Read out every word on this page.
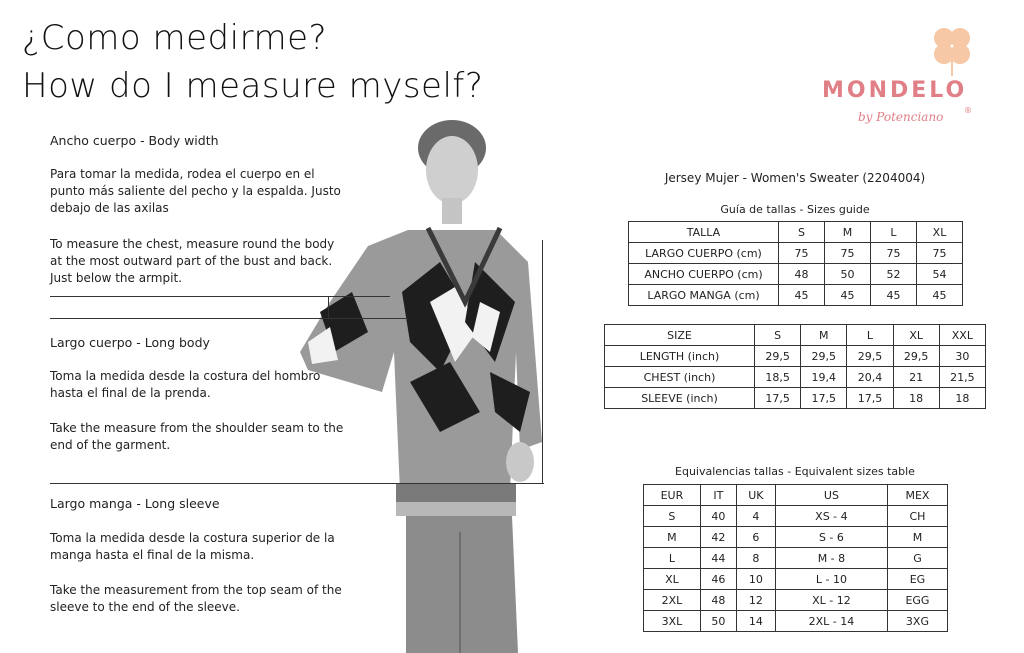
¿Como medirme?
How do I measure myself?	MONDELO
by Potenciano	®
Ancho cuerpo - Body width
Para tomar la medida, rodea el cuerpo en el punto más saliente del pecho y la espalda. Justo debajo de las axilas
To measure the chest, measure round the body at the most outward part of the bust and back. Just below the armpit.
Largo cuerpo - Long body
Toma la medida desde la costura del hombro hasta el final de la prenda.
Take the measure from the shoulder seam to the end of the garment.
Largo manga - Long sleeve
Toma la medida desde la costura superior de la manga hasta el final de la misma.
Take the measurement from the top seam of the sleeve to the end of the sleeve.
Jersey Mujer - Women's Sweater (2204004)
Guía de tallas - Sizes guide
TALLA	S	M	L	XL
LARGO CUERPO (cm)	75	75	75	75
ANCHO CUERPO (cm)	48	50	52	54
LARGO MANGA (cm)	45	45	45	45
SIZE	S	M	L	XL	XXL
LENGTH (inch)	29,5	29,5	29,5	29,5	30
CHEST (inch)	18,5	19,4	20,4	21	21,5
SLEEVE (inch)	17,5	17,5	17,5	18	18
Equivalencias tallas - Equivalent sizes table
EUR	IT	UK	US	MEX
S	40	4	XS - 4	CH
M	42	6	S - 6	M
L	44	8	M - 8	G
XL	46	10	L - 10	EG
2XL	48	12	XL - 12	EGG
3XL	50	14	2XL - 14	3XG
